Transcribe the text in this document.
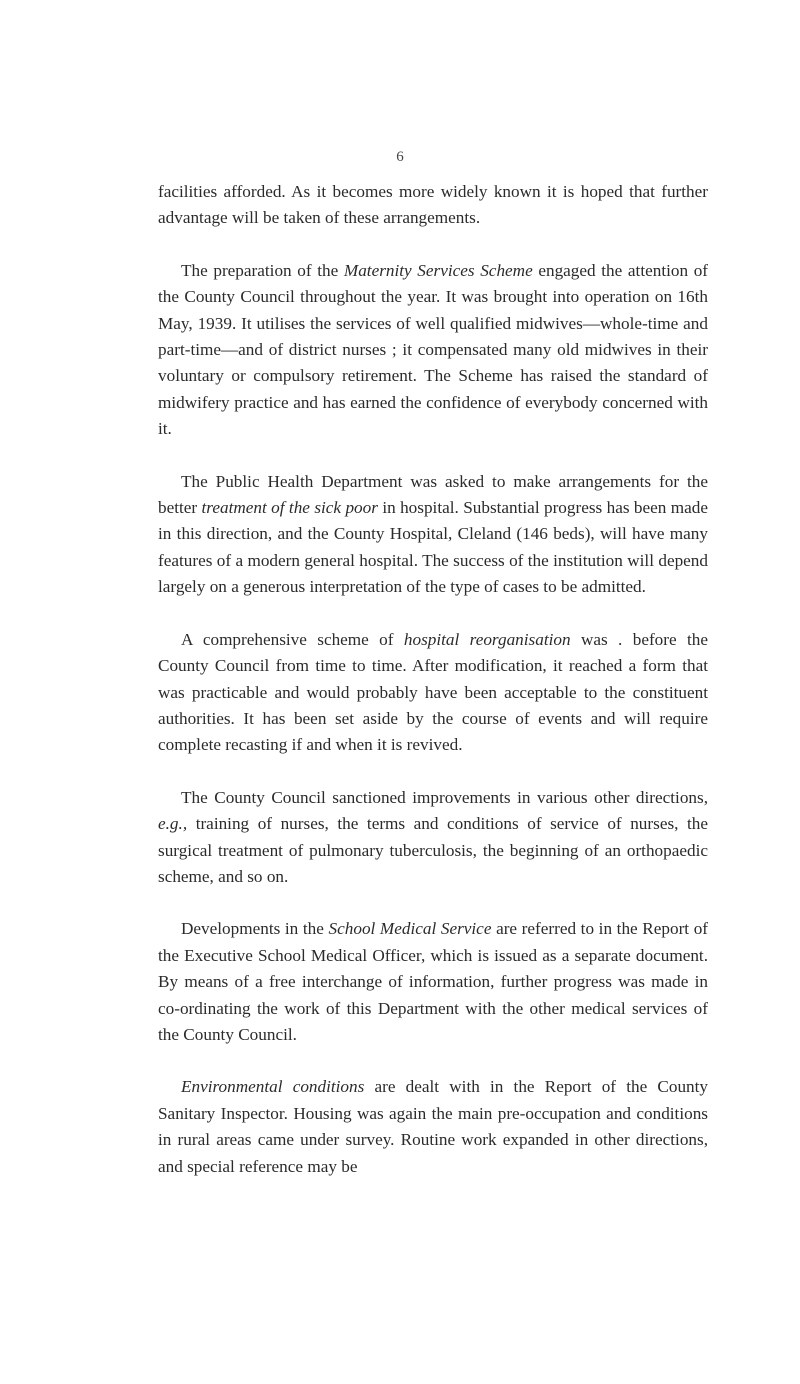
6

facilities afforded. As it becomes more widely known it is hoped that further advantage will be taken of these arrangements.

The preparation of the Maternity Services Scheme engaged the attention of the County Council throughout the year. It was brought into operation on 16th May, 1939. It utilises the services of well qualified midwives—whole-time and part-time—and of district nurses ; it compensated many old midwives in their voluntary or compulsory retirement. The Scheme has raised the standard of midwifery practice and has earned the confidence of everybody concerned with it.

The Public Health Department was asked to make arrangements for the better treatment of the sick poor in hospital. Substantial progress has been made in this direction, and the County Hospital, Cleland (146 beds), will have many features of a modern general hospital. The success of the institution will depend largely on a generous interpretation of the type of cases to be admitted.

A comprehensive scheme of hospital reorganisation was . before the County Council from time to time. After modification, it reached a form that was practicable and would probably have been acceptable to the constituent authorities. It has been set aside by the course of events and will require complete recasting if and when it is revived.

The County Council sanctioned improvements in various other directions, e.g., training of nurses, the terms and conditions of service of nurses, the surgical treatment of pulmonary tuberculosis, the beginning of an orthopaedic scheme, and so on.

Developments in the School Medical Service are referred to in the Report of the Executive School Medical Officer, which is issued as a separate document. By means of a free interchange of information, further progress was made in co-ordinating the work of this Department with the other medical services of the County Council.

Environmental conditions are dealt with in the Report of the County Sanitary Inspector. Housing was again the main pre-occupation and conditions in rural areas came under survey. Routine work expanded in other directions, and special reference may be
